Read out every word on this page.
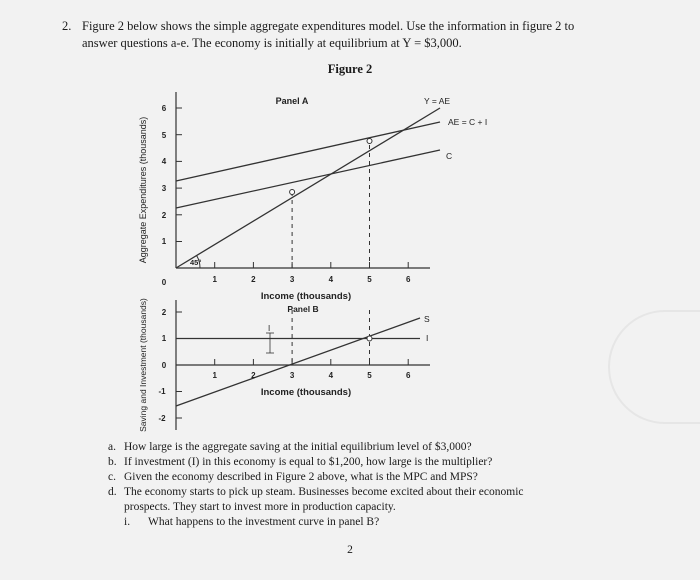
2. Figure 2 below shows the simple aggregate expenditures model. Use the information in figure 2 to answer questions a-e. The economy is initially at equilibrium at Y = $3,000.
Figure 2
Panel A
6
5
4
3
2
1
0	1	2	3	4	5	6
Income (thousands)
Aggregate Expenditures (thousands)	45°
Y = AE
AE = C + I
C
Panel B
2
1
0
-1
-2
1	2	3	4	5	6
Income (thousands)
Saving and Investment (thousands)	S
I
I
a. How large is the aggregate saving at the initial equilibrium level of $3,000?
b. If investment (I) in this economy is equal to $1,200, how large is the multiplier?
c. Given the economy described in Figure 2 above, what is the MPC and MPS?
d. The economy starts to pick up steam. Businesses become excited about their economic prospects. They start to invest more in production capacity.
i. What happens to the investment curve in panel B?
2
